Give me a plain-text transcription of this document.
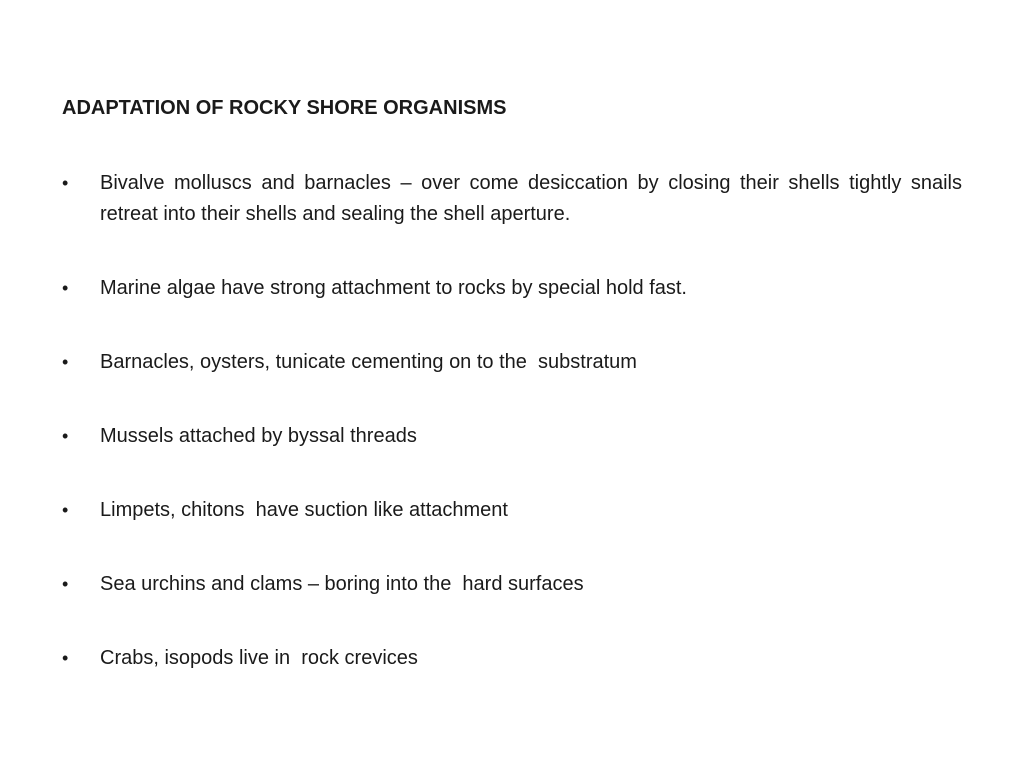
ADAPTATION OF ROCKY SHORE ORGANISMS
• Bivalve molluscs and barnacles – over come desiccation by closing their shells tightly snails retreat into their shells and sealing the shell aperture.
• Marine algae have strong attachment to rocks by special hold fast.
• Barnacles, oysters, tunicate cementing on to the  substratum
• Mussels attached by byssal threads
• Limpets, chitons  have suction like attachment
• Sea urchins and clams – boring into the  hard surfaces
• Crabs, isopods live in  rock crevices
